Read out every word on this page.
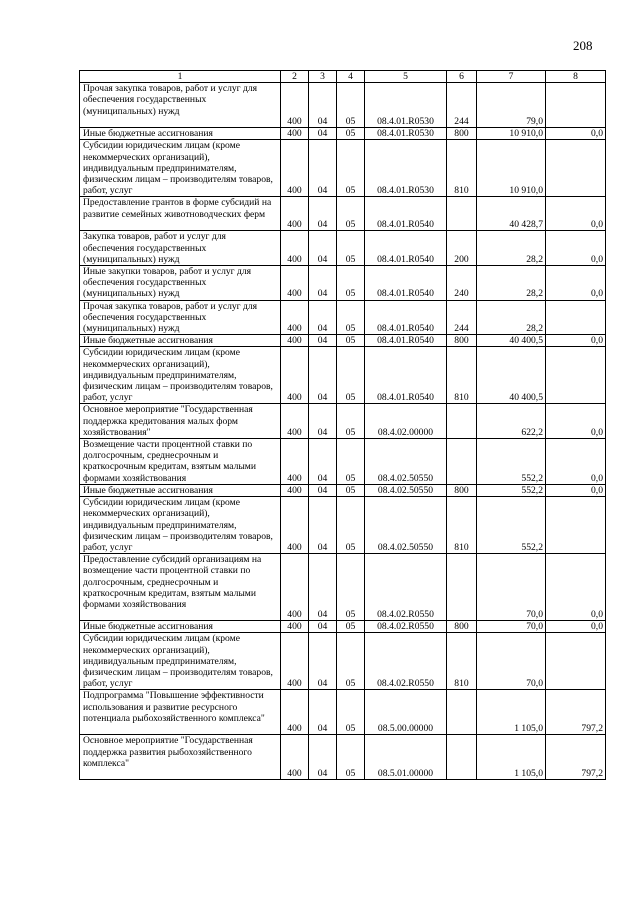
208
1	2	3	4	5	6	7	8
Прочая закупка товаров, работ и услуг для обеспечения государственных (муниципальных) нужд	400	04	05	08.4.01.R0530	244	79,0	
Иные бюджетные ассигнования	400	04	05	08.4.01.R0530	800	10 910,0	0,0
Субсидии юридическим лицам (кроме некоммерческих организаций), индивидуальным предпринимателям, физическим лицам – производителям товаров, работ, услуг	400	04	05	08.4.01.R0530	810	10 910,0	
Предоставление грантов в форме субсидий на развитие семейных животноводческих ферм	400	04	05	08.4.01.R0540		40 428,7	0,0
Закупка товаров, работ и услуг для обеспечения государственных (муниципальных) нужд	400	04	05	08.4.01.R0540	200	28,2	0,0
Иные закупки товаров, работ и услуг для обеспечения государственных (муниципальных) нужд	400	04	05	08.4.01.R0540	240	28,2	0,0
Прочая закупка товаров, работ и услуг для обеспечения государственных (муниципальных) нужд	400	04	05	08.4.01.R0540	244	28,2	
Иные бюджетные ассигнования	400	04	05	08.4.01.R0540	800	40 400,5	0,0
Субсидии юридическим лицам (кроме некоммерческих организаций), индивидуальным предпринимателям, физическим лицам – производителям товаров, работ, услуг	400	04	05	08.4.01.R0540	810	40 400,5	
Основное мероприятие "Государственная поддержка кредитования малых форм хозяйствования"	400	04	05	08.4.02.00000		622,2	0,0
Возмещение части процентной ставки по долгосрочным, среднесрочным и краткосрочным кредитам, взятым малыми формами хозяйствования	400	04	05	08.4.02.50550		552,2	0,0
Иные бюджетные ассигнования	400	04	05	08.4.02.50550	800	552,2	0,0
Субсидии юридическим лицам (кроме некоммерческих организаций), индивидуальным предпринимателям, физическим лицам – производителям товаров, работ, услуг	400	04	05	08.4.02.50550	810	552,2	
Предоставление субсидий организациям на возмещение части процентной ставки по долгосрочным, среднесрочным и краткосрочным кредитам, взятым малыми формами хозяйствования	400	04	05	08.4.02.R0550		70,0	0,0
Иные бюджетные ассигнования	400	04	05	08.4.02.R0550	800	70,0	0,0
Субсидии юридическим лицам (кроме некоммерческих организаций), индивидуальным предпринимателям, физическим лицам – производителям товаров, работ, услуг	400	04	05	08.4.02.R0550	810	70,0	
Подпрограмма "Повышение эффективности использования и развитие ресурсного потенциала рыбохозяйственного комплекса"	400	04	05	08.5.00.00000		1 105,0	797,2
Основное мероприятие "Государственная поддержка развития рыбохозяйственного комплекса"	400	04	05	08.5.01.00000		1 105,0	797,2
